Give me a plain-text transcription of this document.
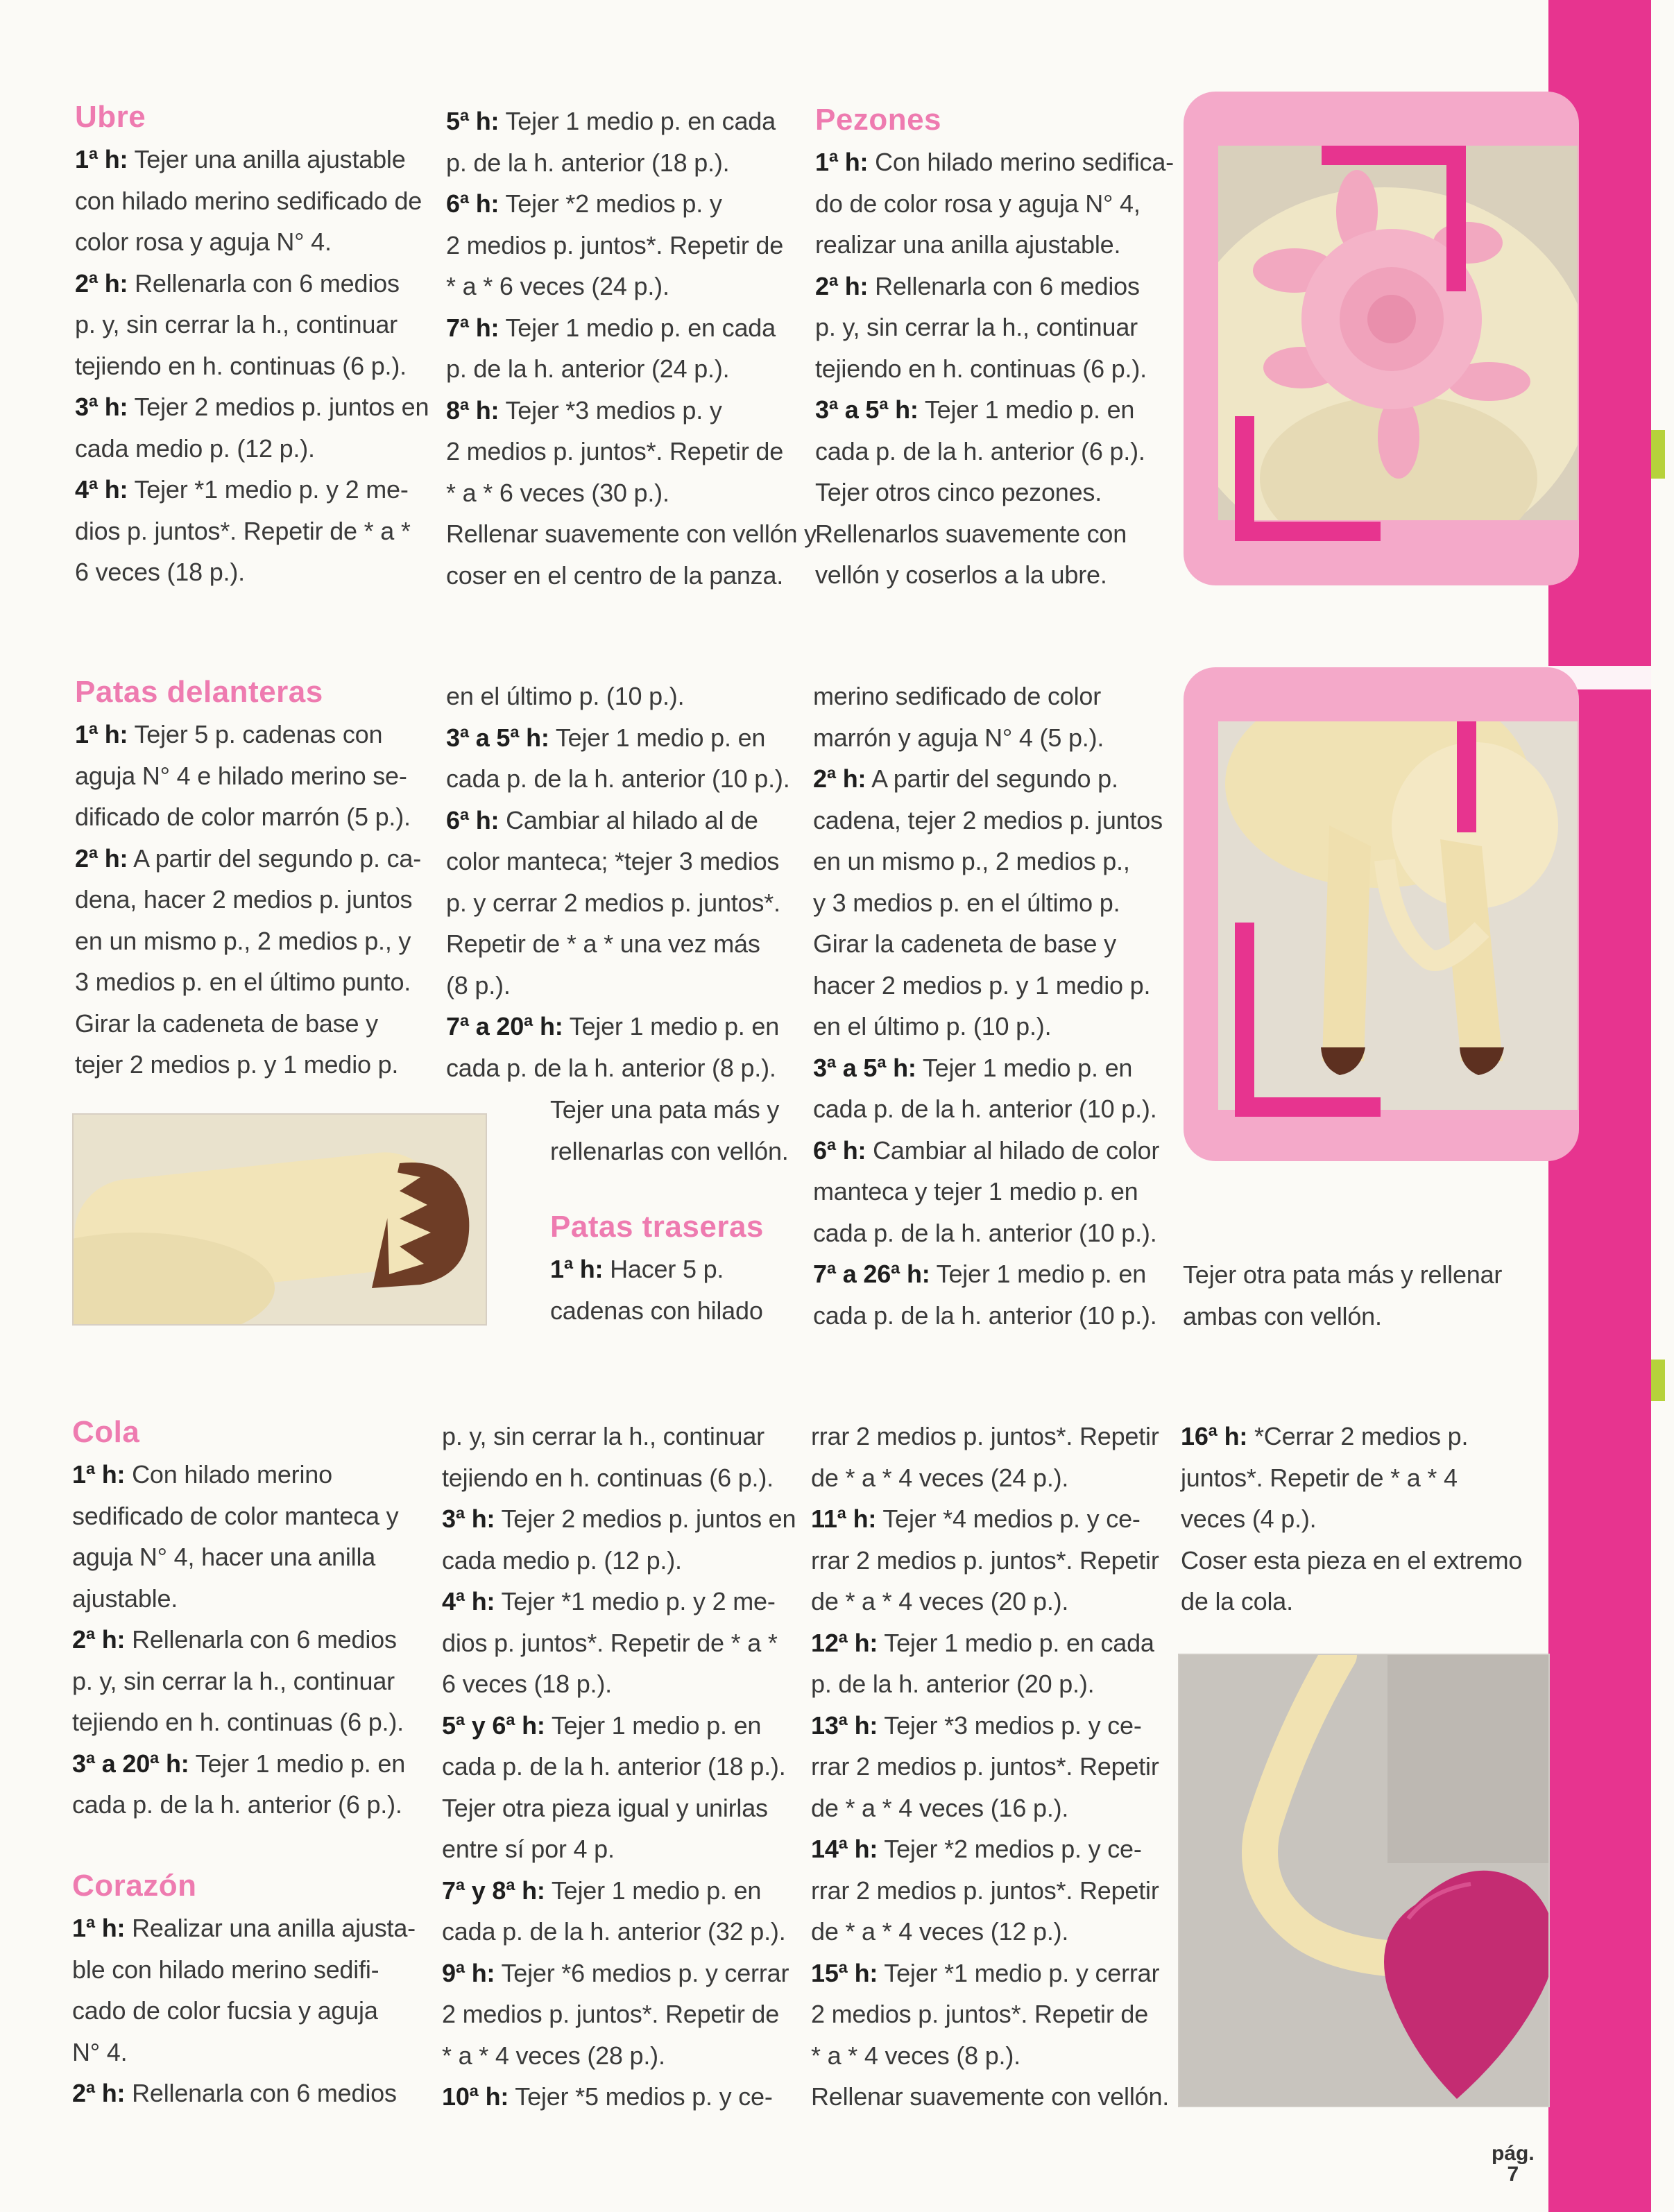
Ubre

1ª h: Tejer una anilla ajustable

con hilado merino sedificado de

color rosa y aguja N° 4.

2ª h: Rellenarla con 6 medios

p. y, sin cerrar la h., continuar

tejiendo en h. continuas (6 p.).

3ª h: Tejer 2 medios p. juntos en

cada medio p. (12 p.).

4ª h: Tejer *1 medio p. y 2 me-

dios p. juntos*. Repetir de * a *

6 veces (18 p.).

5ª h: Tejer 1 medio p. en cada

p. de la h. anterior (18 p.).

6ª h: Tejer *2 medios p. y

2 medios p. juntos*. Repetir de

* a * 6 veces (24 p.).

7ª h: Tejer 1 medio p. en cada

p. de la h. anterior (24 p.).

8ª h: Tejer *3 medios p. y

2 medios p. juntos*. Repetir de

* a * 6 veces (30 p.).

Rellenar suavemente con vellón y

coser en el centro de la panza.

Pezones

1ª h: Con hilado merino sedifica-

do de color rosa y aguja N° 4,

realizar una anilla ajustable.

2ª h: Rellenarla con 6 medios

p. y, sin cerrar la h., continuar

tejiendo en h. continuas (6 p.).

3ª a 5ª h: Tejer 1 medio p. en

cada p. de la h. anterior (6 p.).

Tejer otros cinco pezones.

Rellenarlos suavemente con

vellón y coserlos a la ubre.

Patas delanteras

1ª h: Tejer 5 p. cadenas con

aguja N° 4 e hilado merino se-

dificado de color marrón (5 p.).

2ª h: A partir del segundo p. ca-

dena, hacer 2 medios p. juntos

en un mismo p., 2 medios p., y

3 medios p. en el último punto.

Girar la cadeneta de base y

tejer 2 medios p. y 1 medio p.

en el último p. (10 p.).

3ª a 5ª h: Tejer 1 medio p. en

cada p. de la h. anterior (10 p.).

6ª h: Cambiar al hilado al de

color manteca; *tejer 3 medios

p. y cerrar 2 medios p. juntos*.

Repetir de * a * una vez más

(8 p.).

7ª a 20ª h: Tejer 1 medio p. en

cada p. de la h. anterior (8 p.).

Tejer una pata más y

rellenarlas con vellón.

Patas traseras

1ª h: Hacer 5 p.

cadenas con hilado

merino sedificado de color

marrón y aguja N° 4 (5 p.).

2ª h: A partir del segundo p.

cadena, tejer 2 medios p. juntos

en un mismo p., 2 medios p.,

y 3 medios p. en el último p.

Girar la cadeneta de base y

hacer 2 medios p. y 1 medio p.

en el último p. (10 p.).

3ª a 5ª h: Tejer 1 medio p. en

cada p. de la h. anterior (10 p.).

6ª h: Cambiar al hilado de color

manteca y tejer 1 medio p. en

cada p. de la h. anterior (10 p.).

7ª a 26ª h: Tejer 1 medio p. en

cada p. de la h. anterior (10 p.).

Tejer otra pata más y rellenar

ambas con vellón.

Cola

1ª h: Con hilado merino

sedificado de color manteca y

aguja N° 4, hacer una anilla

ajustable.

2ª h: Rellenarla con 6 medios

p. y, sin cerrar la h., continuar

tejiendo en h. continuas (6 p.).

3ª a 20ª h: Tejer 1 medio p. en

cada p. de la h. anterior (6 p.).

Corazón

1ª h: Realizar una anilla ajusta-

ble con hilado merino sedifi-

cado de color fucsia y aguja

N° 4.

2ª h: Rellenarla con 6 medios

p. y, sin cerrar la h., continuar

tejiendo en h. continuas (6 p.).

3ª h: Tejer 2 medios p. juntos en

cada medio p. (12 p.).

4ª h: Tejer *1 medio p. y 2 me-

dios p. juntos*. Repetir de * a *

6 veces (18 p.).

5ª y 6ª h: Tejer 1 medio p. en

cada p. de la h. anterior (18 p.).

Tejer otra pieza igual y unirlas

entre sí por 4 p.

7ª y 8ª h: Tejer 1 medio p. en

cada p. de la h. anterior (32 p.).

9ª h: Tejer *6 medios p. y cerrar

2 medios p. juntos*. Repetir de

* a * 4 veces (28 p.).

10ª h: Tejer *5 medios p. y ce-

rrar 2 medios p. juntos*. Repetir

de * a * 4 veces (24 p.).

11ª h: Tejer *4 medios p. y ce-

rrar 2 medios p. juntos*. Repetir

de * a * 4 veces (20 p.).

12ª h: Tejer 1 medio p. en cada

p. de la h. anterior (20 p.).

13ª h: Tejer *3 medios p. y ce-

rrar 2 medios p. juntos*. Repetir

de * a * 4 veces (16 p.).

14ª h: Tejer *2 medios p. y ce-

rrar 2 medios p. juntos*. Repetir

de * a * 4 veces (12 p.).

15ª h: Tejer *1 medio p. y cerrar

2 medios p. juntos*. Repetir de

* a * 4 veces (8 p.).

Rellenar suavemente con vellón.

16ª h: *Cerrar 2 medios p.

juntos*. Repetir de * a * 4

veces (4 p.).

Coser esta pieza en el extremo

de la cola.

pág.
7
